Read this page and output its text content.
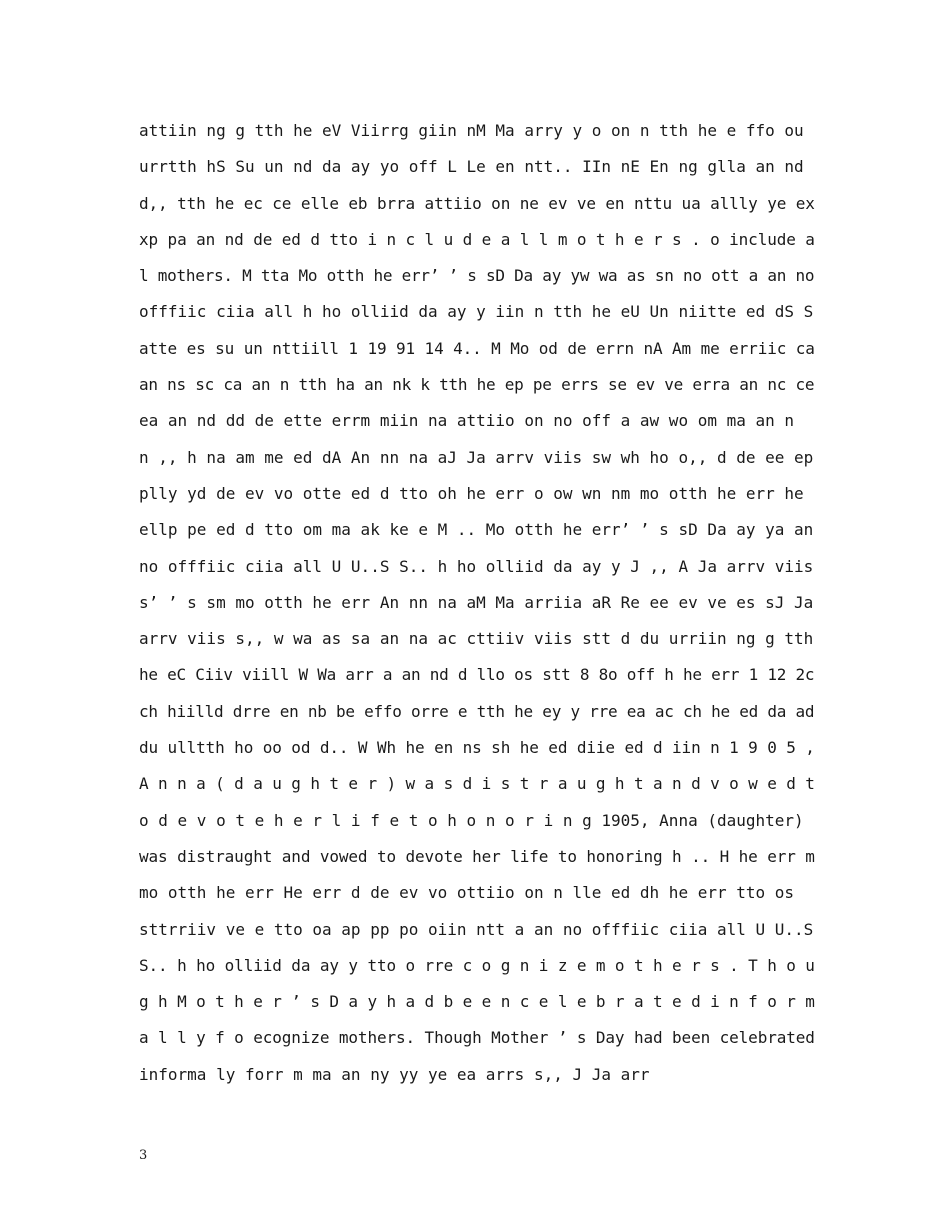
attiin ng g tth he eV Viirrg giin nM Ma arry y o on n tth he e ffo ou
urrtth hS Su un nd da ay yo off L Le en ntt.. IIn nE En ng glla an nd
d,, tth he ec ce elle eb brra attiio on ne ev ve en nttu ua allly ye ex
xp pa an nd de ed d tto i n c l u d e a l l m o t h e r s . o include a
l mothers. M tta Mo otth he err’ ’ s sD Da ay yw wa as sn no ott a an no
offfiic ciia all h ho olliid da ay y iin n tth he eU Un niitte ed dS S
atte es su un nttiill 1 19 91 14 4.. M Mo od de errn nA Am me erriic ca
an ns sc ca an n tth ha an nk k tth he ep pe errs se ev ve erra an nc ce
ea an nd dd de ette errm miin na attiio on no off a aw wo om ma an n
n ,, h na am me ed dA An nn na aJ Ja arrv viis sw wh ho o,, d de ee ep
plly yd de ev vo otte ed d tto oh he err o ow wn nm mo otth he err he
ellp pe ed d tto om ma ak ke e M .. Mo otth he err’ ’ s sD Da ay ya an
no offfiic ciia all U U..S S.. h ho olliid da ay y J ,, A Ja arrv viis
s’ ’ s sm mo otth he err An nn na aM Ma arriia aR Re ee ev ve es sJ Ja
arrv viis s,, w wa as sa an na ac cttiiv viis stt d du urriin ng g tth
he eC Ciiv viill W Wa arr a an nd d llo os stt 8 8o off h he err 1 12 2c
ch hiilld drre en nb be effo orre e tth he ey y rre ea ac ch he ed da ad
du ulltth ho oo od d.. W Wh he en ns sh he ed diie ed d iin n 1 9 0 5 ,
A n n a ( d a u g h t e r ) w a s d i s t r a u g h t a n d v o w e d t
o d e v o t e h e r l i f e t o h o n o r i n g 1905, Anna (daughter)
was distraught and vowed to devote her life to honoring h .. H he err m
mo otth he err He err d de ev vo ottiio on n lle ed dh he err tto os
sttrriiv ve e tto oa ap pp po oiin ntt a an no offfiic ciia all U U..S
S.. h ho olliid da ay y tto o rre c o g n i z e m o t h e r s . T h o u
g h M o t h e r ’ s D a y h a d b e e n c e l e b r a t e d i n f o r m
a l l y f o ecognize mothers. Though Mother ’ s Day had been celebrated
informa ly forr m ma an ny yy ye ea arrs s,, J Ja arr
3
